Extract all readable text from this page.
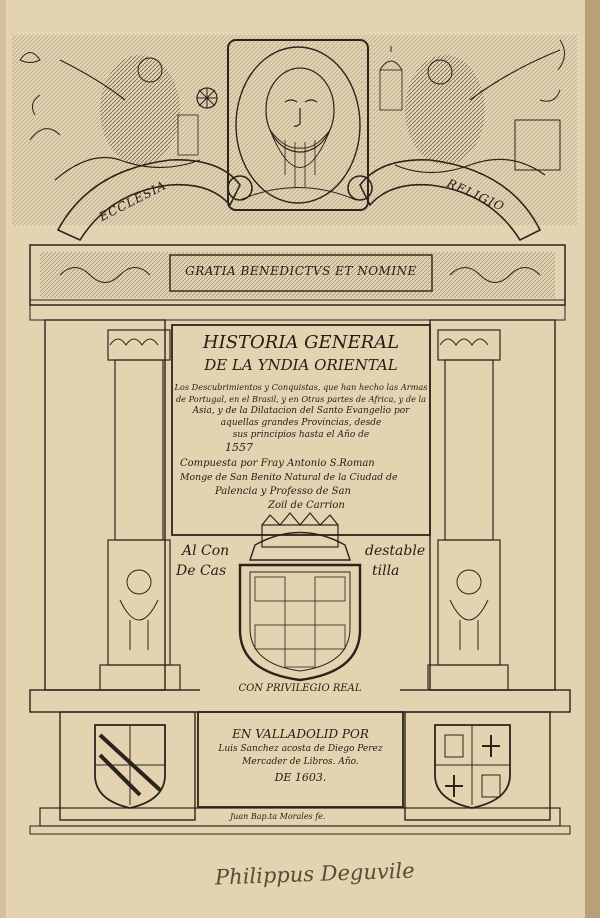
ECCLESIA	RELIGIO
GRATIA BENEDICTVS ET NOMINE
HISTORIA GENERAL
DE LA YNDIA ORIENTAL
Los Descubrimientos y Conquistas, que han hecho las Armas
de Portugal, en el Brasil, y en Otras partes de Africa, y de la
Asia, y de la Dilatacion del Santo Evangelio por
aquellas grandes Provincias, desde
sus principios hasta el Año de
1557
Compuesta por Fray Antonio S.Roman
Monge de San Benito Natural de la Ciudad de
Palencia y Professo de San
Zoil de Carrion
Al Con
De Cas
destable
tilla
CON PRIVILEGIO REAL
EN VALLADOLID POR
Luis Sanchez acosta de Diego Perez
Mercader de Libros. Año.
DE 1603.
Juan Bap.ta Morales fe.
Philippus Deguvile
